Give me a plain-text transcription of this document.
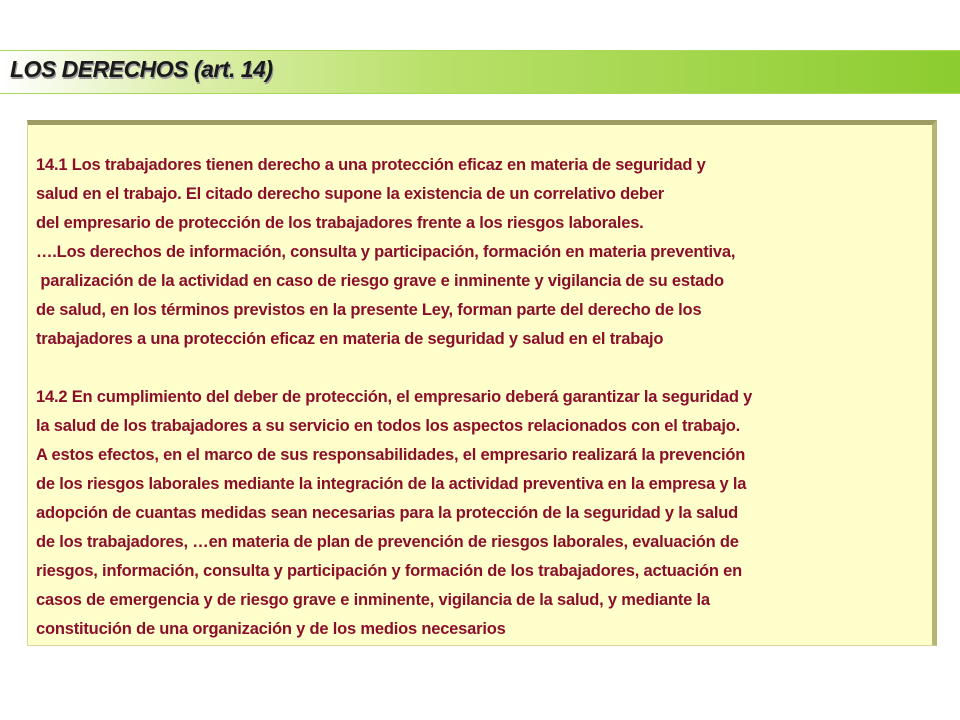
LOS DERECHOS (art. 14)
14.1 Los trabajadores tienen derecho a una protección eficaz en materia de seguridad y
salud en el trabajo. El citado derecho supone la existencia de un correlativo deber
del empresario de protección de los trabajadores frente a los riesgos laborales.
….Los derechos de información, consulta y participación, formación en materia preventiva,
paralización de la actividad en caso de riesgo grave e inminente y vigilancia de su estado
de salud, en los términos previstos en la presente Ley, forman parte del derecho de los
trabajadores a una protección eficaz en materia de seguridad y salud en el trabajo
14.2 En cumplimiento del deber de protección, el empresario deberá garantizar la seguridad y
la salud de los trabajadores a su servicio en todos los aspectos relacionados con el trabajo.
A estos efectos, en el marco de sus responsabilidades, el empresario realizará la prevención
de los riesgos laborales mediante la integración de la actividad preventiva en la empresa y la
adopción de cuantas medidas sean necesarias para la protección de la seguridad y la salud
de los trabajadores, …en materia de plan de prevención de riesgos laborales, evaluación de
riesgos, información, consulta y participación y formación de los trabajadores, actuación en
casos de emergencia y de riesgo grave e inminente, vigilancia de la salud, y mediante la
constitución de una organización y de los medios necesarios
